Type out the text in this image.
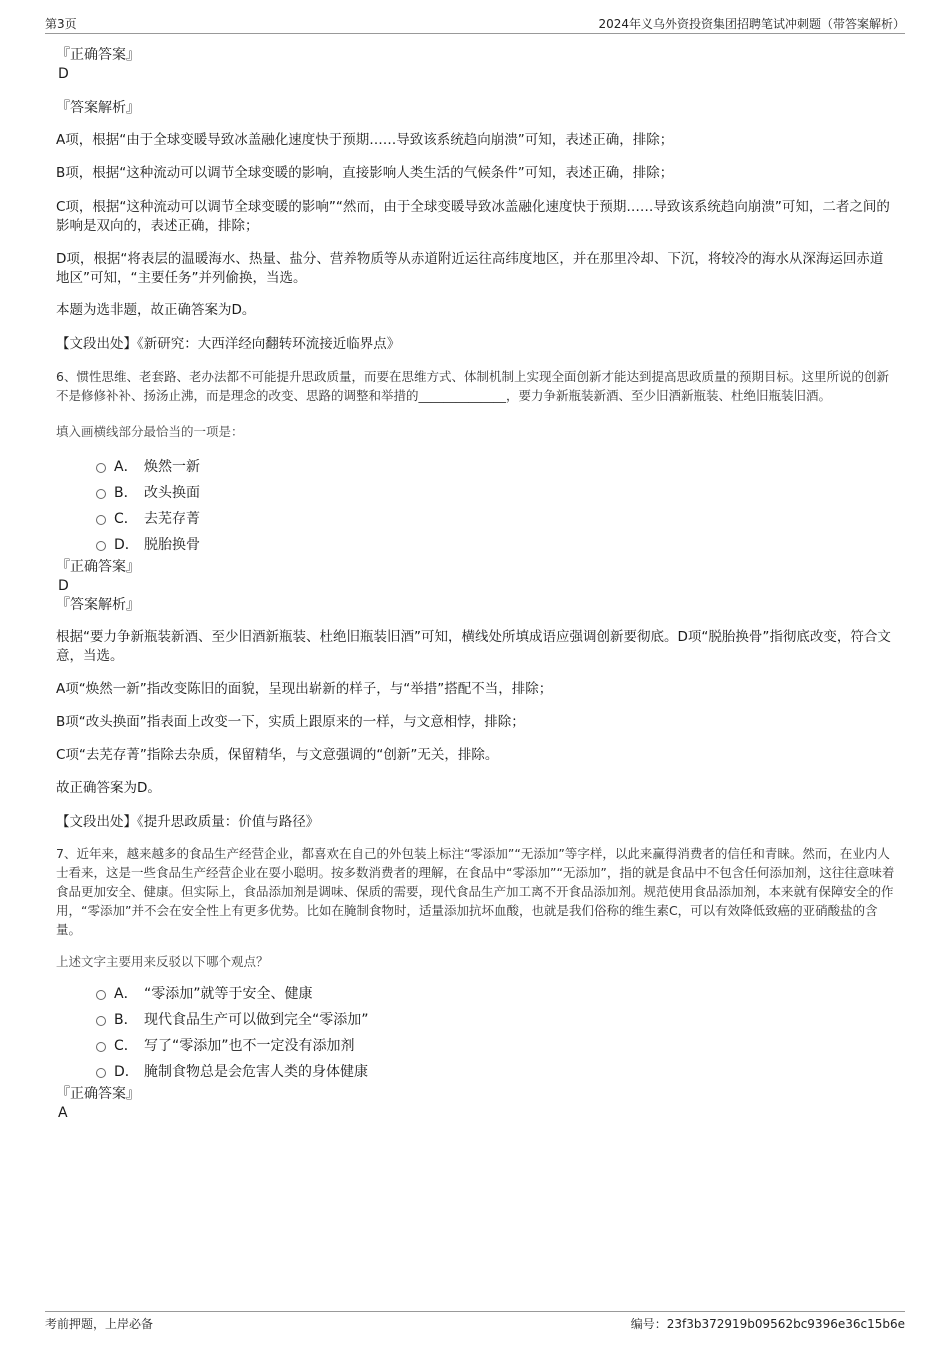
第3页	2024年义乌外资投资集团招聘笔试冲刺题（带答案解析）

『正确答案』

D

『答案解析』

A项，根据“由于全球变暖导致冰盖融化速度快于预期……导致该系统趋向崩溃”可知，表述正确，排除；

B项，根据“这种流动可以调节全球变暖的影响，直接影响人类生活的气候条件”可知，表述正确，排除；

C项，根据“这种流动可以调节全球变暖的影响”“然而，由于全球变暖导致冰盖融化速度快于预期……导致该系统趋向崩溃”可知，二者之间的影响是双向的，表述正确，排除；

D项，根据“将表层的温暖海水、热量、盐分、营养物质等从赤道附近运往高纬度地区，并在那里冷却、下沉，将较冷的海水从深海运回赤道地区”可知，“主要任务”并列偷换，当选。

本题为选非题，故正确答案为D。

【文段出处】《新研究：大西洋经向翻转环流接近临界点》

6、惯性思维、老套路、老办法都不可能提升思政质量，而要在思维方式、体制机制上实现全面创新才能达到提高思政质量的预期目标。这里所说的创新不是修修补补、扬汤止沸，而是理念的改变、思路的调整和举措的______________，要力争新瓶装新酒、至少旧酒新瓶装、杜绝旧瓶装旧酒。

填入画横线部分最恰当的一项是：

A． 焕然一新
B． 改头换面
C． 去芜存菁
D． 脱胎换骨

『正确答案』

D

『答案解析』

根据“要力争新瓶装新酒、至少旧酒新瓶装、杜绝旧瓶装旧酒”可知，横线处所填成语应强调创新要彻底。D项“脱胎换骨”指彻底改变，符合文意，当选。

A项“焕然一新”指改变陈旧的面貌，呈现出崭新的样子，与“举措”搭配不当，排除；

B项“改头换面”指表面上改变一下，实质上跟原来的一样，与文意相悖，排除；

C项“去芜存菁”指除去杂质，保留精华，与文意强调的“创新”无关，排除。

故正确答案为D。

【文段出处】《提升思政质量：价值与路径》

7、近年来，越来越多的食品生产经营企业，都喜欢在自己的外包装上标注“零添加”“无添加”等字样，以此来赢得消费者的信任和青睐。然而，在业内人士看来，这是一些食品生产经营企业在耍小聪明。按多数消费者的理解，在食品中“零添加”“无添加”，指的就是食品中不包含任何添加剂，这往往意味着食品更加安全、健康。但实际上，食品添加剂是调味、保质的需要，现代食品生产加工离不开食品添加剂。规范使用食品添加剂，本来就有保障安全的作用，“零添加”并不会在安全性上有更多优势。比如在腌制食物时，适量添加抗坏血酸，也就是我们俗称的维生素C，可以有效降低致癌的亚硝酸盐的含量。

上述文字主要用来反驳以下哪个观点？

A． “零添加”就等于安全、健康
B． 现代食品生产可以做到完全“零添加”
C． 写了“零添加”也不一定没有添加剂
D． 腌制食物总是会危害人类的身体健康

『正确答案』

A

考前押题，上岸必备	编号：23f3b372919b09562bc9396e36c15b6e
